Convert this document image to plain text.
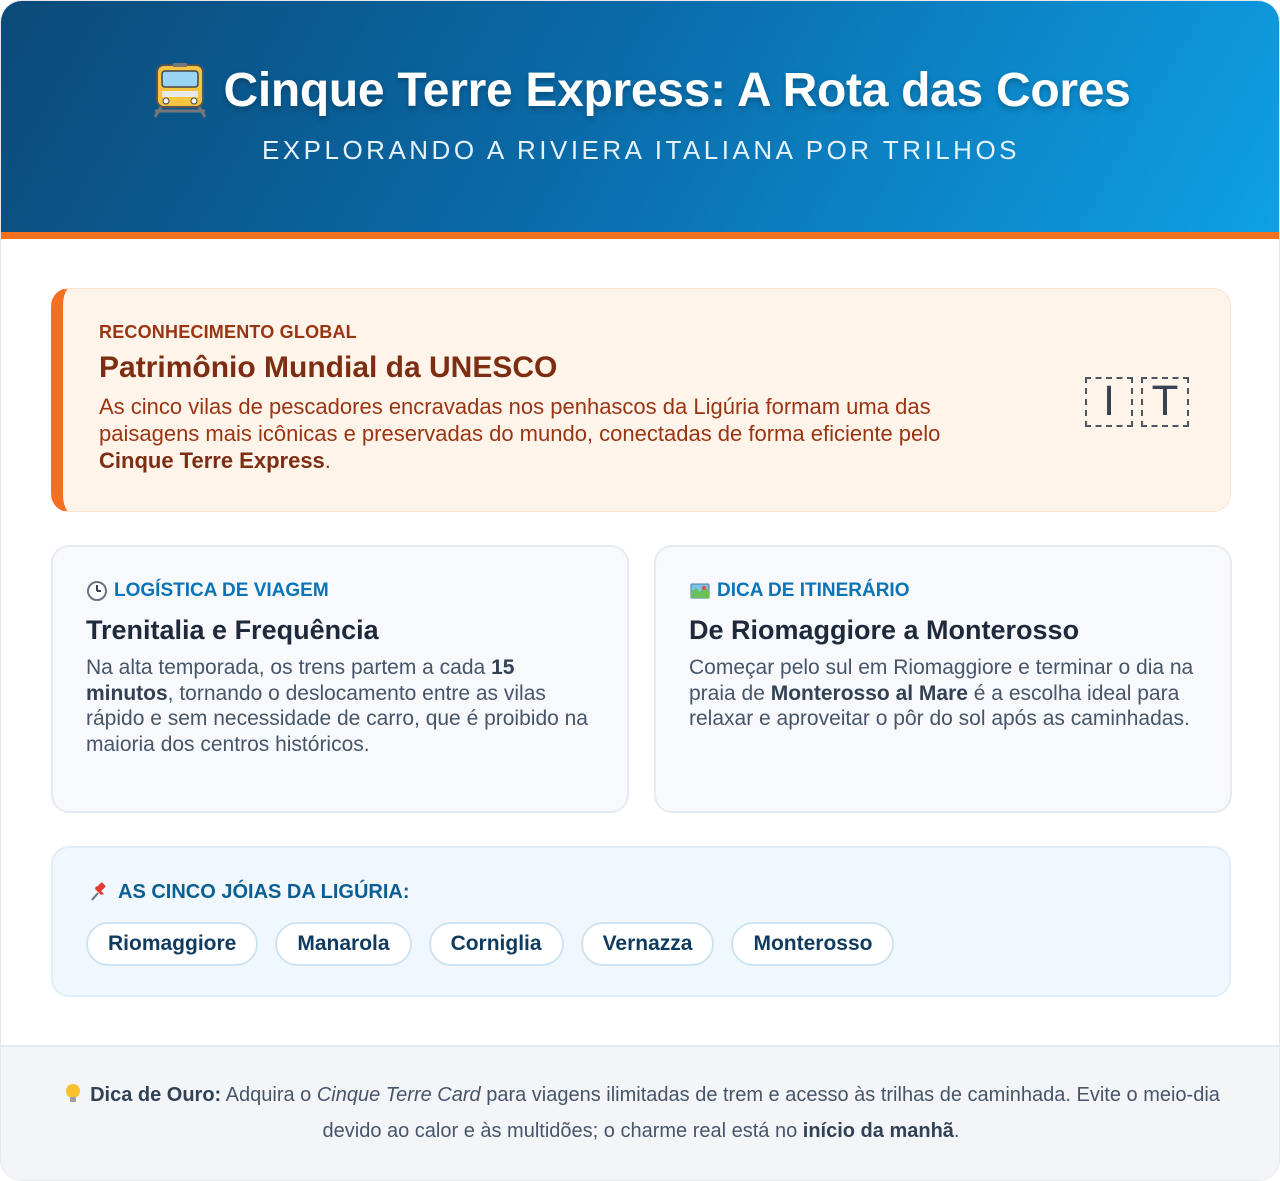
Cinque Terre Express: A Rota das Cores
EXPLORANDO A RIVIERA ITALIANA POR TRILHOS
RECONHECIMENTO GLOBAL
Patrimônio Mundial da UNESCO

As cinco vilas de pescadores encravadas nos penhascos da Ligúria formam uma das paisagens mais icônicas e preservadas do mundo, conectadas de forma eficiente pelo Cinque Terre Express.

I T
LOGÍSTICA DE VIAGEM
Trenitalia e Frequência

Na alta temporada, os trens partem a cada 15 minutos, tornando o deslocamento entre as vilas rápido e sem necessidade de carro, que é proibido na maioria dos centros históricos.

DICA DE ITINERÁRIO
De Riomaggiore a Monterosso

Começar pelo sul em Riomaggiore e terminar o dia na praia de Monterosso al Mare é a escolha ideal para relaxar e aproveitar o pôr do sol após as caminhadas.

AS CINCO JÓIAS DA LIGÚRIA:
Riomaggiore	Manarola	Corniglia	Vernazza	Monterosso

Dica de Ouro: Adquira o Cinque Terre Card para viagens ilimitadas de trem e acesso às trilhas de caminhada. Evite o meio-dia devido ao calor e às multidões; o charme real está no início da manhã.
